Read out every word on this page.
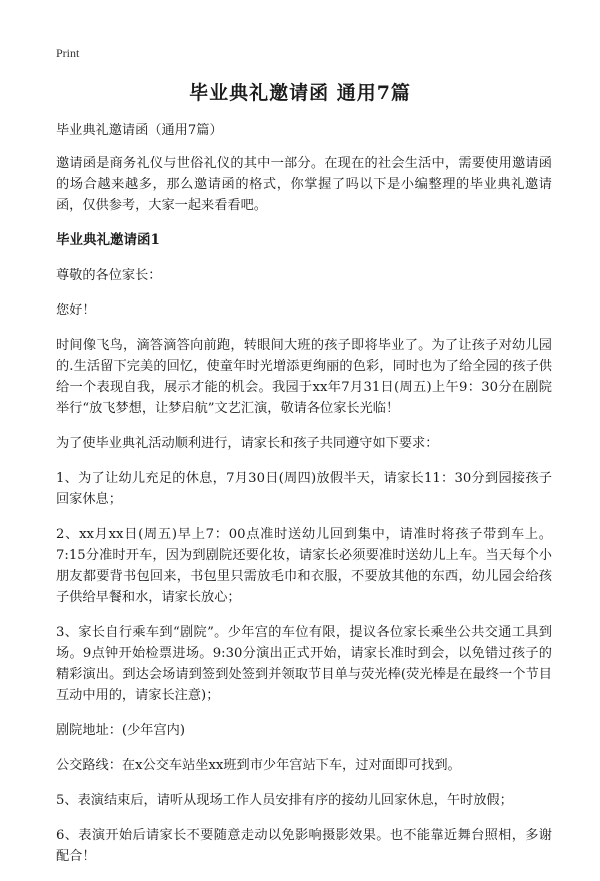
Print
毕业典礼邀请函 通用7篇

毕业典礼邀请函（通用7篇）

邀请函是商务礼仪与世俗礼仪的其中一部分。在现在的社会生活中，需要使用邀请函的场合越来越多，那么邀请函的格式，你掌握了吗以下是小编整理的毕业典礼邀请函，仅供参考，大家一起来看看吧。

毕业典礼邀请函1

尊敬的各位家长：

您好！

时间像飞鸟，滴答滴答向前跑，转眼间大班的孩子即将毕业了。为了让孩子对幼儿园的.生活留下完美的回忆，使童年时光增添更绚丽的色彩，同时也为了给全园的孩子供给一个表现自我，展示才能的机会。我园于xx年7月31日(周五)上午9：30分在剧院举行“放飞梦想，让梦启航”文艺汇演，敬请各位家长光临！

为了使毕业典礼活动顺利进行，请家长和孩子共同遵守如下要求：

1、为了让幼儿充足的休息，7月30日(周四)放假半天，请家长11：30分到园接孩子回家休息；

2、xx月xx日(周五)早上7：00点准时送幼儿回到集中，请准时将孩子带到车上。7:15分准时开车，因为到剧院还要化妆，请家长必须要准时送幼儿上车。当天每个小朋友都要背书包回来，书包里只需放毛巾和衣服，不要放其他的东西，幼儿园会给孩子供给早餐和水，请家长放心；

3、家长自行乘车到“剧院”。少年宫的车位有限，提议各位家长乘坐公共交通工具到场。9点钟开始检票进场。9:30分演出正式开始，请家长准时到会，以免错过孩子的精彩演出。到达会场请到签到处签到并领取节目单与荧光棒(荧光棒是在最终一个节目互动中用的，请家长注意)；

剧院地址：(少年宫内)

公交路线：在x公交车站坐xx班到市少年宫站下车，过对面即可找到。

5、表演结束后，请听从现场工作人员安排有序的接幼儿回家休息，午时放假；

6、表演开始后请家长不要随意走动以免影响摄影效果。也不能靠近舞台照相，多谢配合！
